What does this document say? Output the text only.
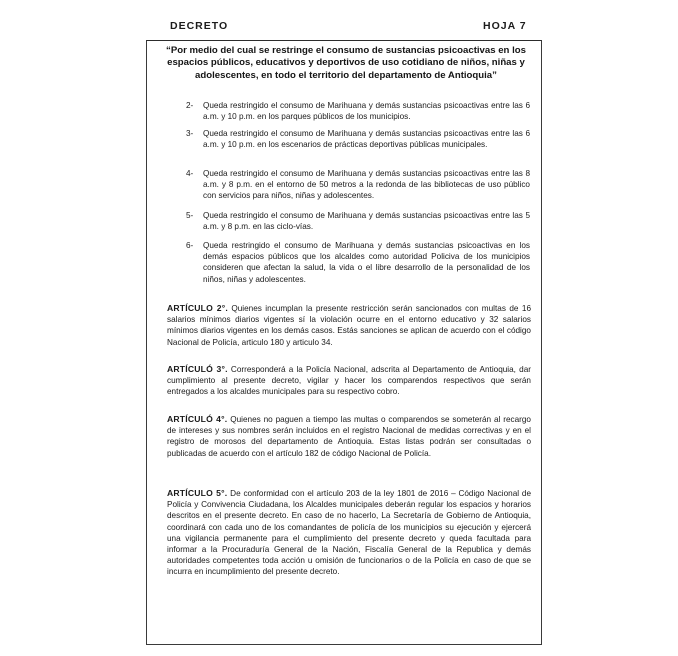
DECRETO	HOJA 7
“Por medio del cual se restringe el consumo de sustancias psicoactivas en los espacios públicos, educativos y deportivos de uso cotidiano de niños, niñas y adolescentes, en todo el territorio del departamento de Antioquia”
2- Queda restringido el consumo de Marihuana y demás sustancias psicoactivas entre las 6 a.m. y 10 p.m. en los parques públicos de los municipios.
3- Queda restringido el consumo de Marihuana y demás sustancias psicoactivas entre las 6 a.m. y 10 p.m. en los escenarios de prácticas deportivas públicas municipales.
4- Queda restringido el consumo de Marihuana y demás sustancias psicoactivas entre las 8 a.m. y 8 p.m. en el entorno de 50 metros a la redonda de las bibliotecas de uso público con servicios para niños, niñas y adolescentes.
5- Queda restringido el consumo de Marihuana y demás sustancias psicoactivas entre las 5 a.m. y 8 p.m. en las ciclo-vías.
6- Queda restringido el consumo de Marihuana y demás sustancias psicoactivas en los demás espacios públicos que los alcaldes como autoridad Policiva de los municipios consideren que afectan la salud, la vida o el libre desarrollo de la personalidad de los niños, niñas y adolescentes.
ARTÍCULO 2°. Quienes incumplan la presente restricción serán sancionados con multas de 16 salarios mínimos diarios vigentes sí la violación ocurre en el entorno educativo y 32 salarios mínimos diarios vigentes en los demás casos. Estás sanciones se aplican de acuerdo con el código Nacional de Policía, articulo 180 y articulo 34.
ARTÍCULÓ 3°. Corresponderá a la Policía Nacional, adscrita al Departamento de Antioquia, dar cumplimiento al presente decreto, vigilar y hacer los comparendos respectivos que serán entregados a los alcaldes municipales para su respectivo cobro.
ARTÍCULÓ 4°. Quienes no paguen a tiempo las multas o comparendos se someterán al recargo de intereses y sus nombres serán incluidos en el registro Nacional de medidas correctivas y en el registro de morosos del departamento de Antioquia. Estas listas podrán ser consultadas o publicadas de acuerdo con el artículo 182 de código Nacional de Policía.
ARTÍCULO 5°. De conformidad con el artículo 203 de la ley 1801 de 2016 – Código Nacional de Policía y Convivencia Ciudadana, los Alcaldes municipales deberán regular los espacios y horarios descritos en el presente decreto. En caso de no hacerlo, La Secretaría de Gobierno de Antioquia, coordinará con cada uno de los comandantes de policía de los municipios su ejecución y ejercerá una vigilancia permanente para el cumplimiento del presente decreto y queda facultada para informar a la Procuraduría General de la Nación, Fiscalía General de la Republica y demás autoridades competentes toda acción u omisión de funcionarios o de la Policía en caso de que se incurra en incumplimiento del presente decreto.
